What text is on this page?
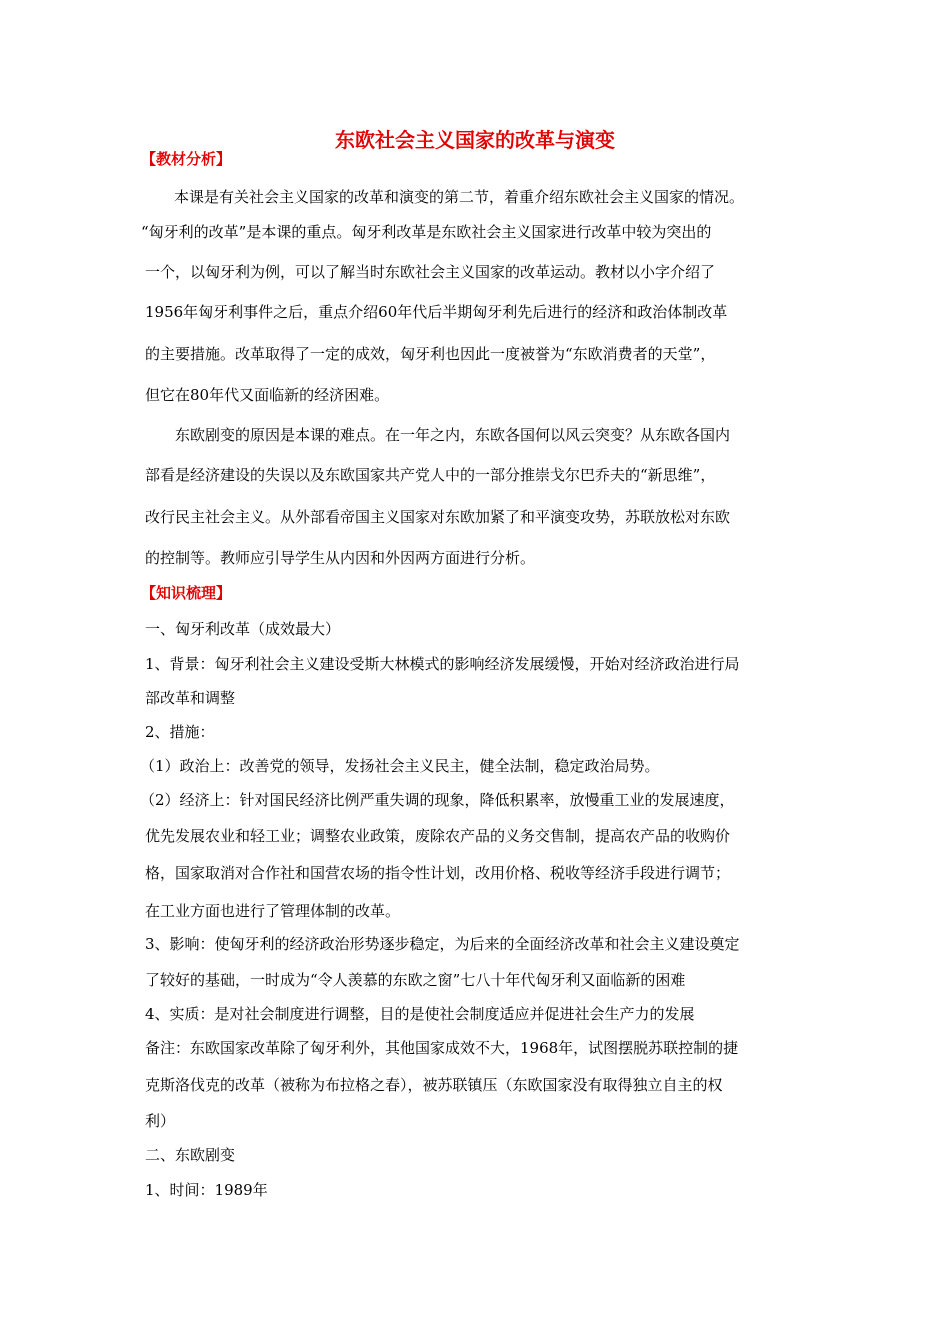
东欧社会主义国家的改革与演变
【教材分析】
本课是有关社会主义国家的改革和演变的第二节，着重介绍东欧社会主义国家的情况。
“匈牙利的改革”是本课的重点。匈牙利改革是东欧社会主义国家进行改革中较为突出的
一个，以匈牙利为例，可以了解当时东欧社会主义国家的改革运动。教材以小字介绍了
1956年匈牙利事件之后，重点介绍60年代后半期匈牙利先后进行的经济和政治体制改革
的主要措施。改革取得了一定的成效，匈牙利也因此一度被誉为“东欧消费者的天堂”，
但它在80年代又面临新的经济困难。
东欧剧变的原因是本课的难点。在一年之内，东欧各国何以风云突变？从东欧各国内
部看是经济建设的失误以及东欧国家共产党人中的一部分推崇戈尔巴乔夫的“新思维”，
改行民主社会主义。从外部看帝国主义国家对东欧加紧了和平演变攻势，苏联放松对东欧
的控制等。教师应引导学生从内因和外因两方面进行分析。
【知识梳理】
一、匈牙利改革（成效最大）
1、背景：匈牙利社会主义建设受斯大林模式的影响经济发展缓慢，开始对经济政治进行局
部改革和调整
2、措施：
（1）政治上：改善党的领导，发扬社会主义民主，健全法制，稳定政治局势。
（2）经济上：针对国民经济比例严重失调的现象，降低积累率，放慢重工业的发展速度，
优先发展农业和轻工业；调整农业政策，废除农产品的义务交售制，提高农产品的收购价
格，国家取消对合作社和国营农场的指令性计划，改用价格、税收等经济手段进行调节；
在工业方面也进行了管理体制的改革。
3、影响：使匈牙利的经济政治形势逐步稳定，为后来的全面经济改革和社会主义建设奠定
了较好的基础，一时成为“令人羡慕的东欧之窗”七八十年代匈牙利又面临新的困难
4、实质：是对社会制度进行调整，目的是使社会制度适应并促进社会生产力的发展
备注：东欧国家改革除了匈牙利外，其他国家成效不大，1968年，试图摆脱苏联控制的捷
克斯洛伐克的改革（被称为布拉格之春），被苏联镇压（东欧国家没有取得独立自主的权
利）
二、东欧剧变
1、时间：1989年
